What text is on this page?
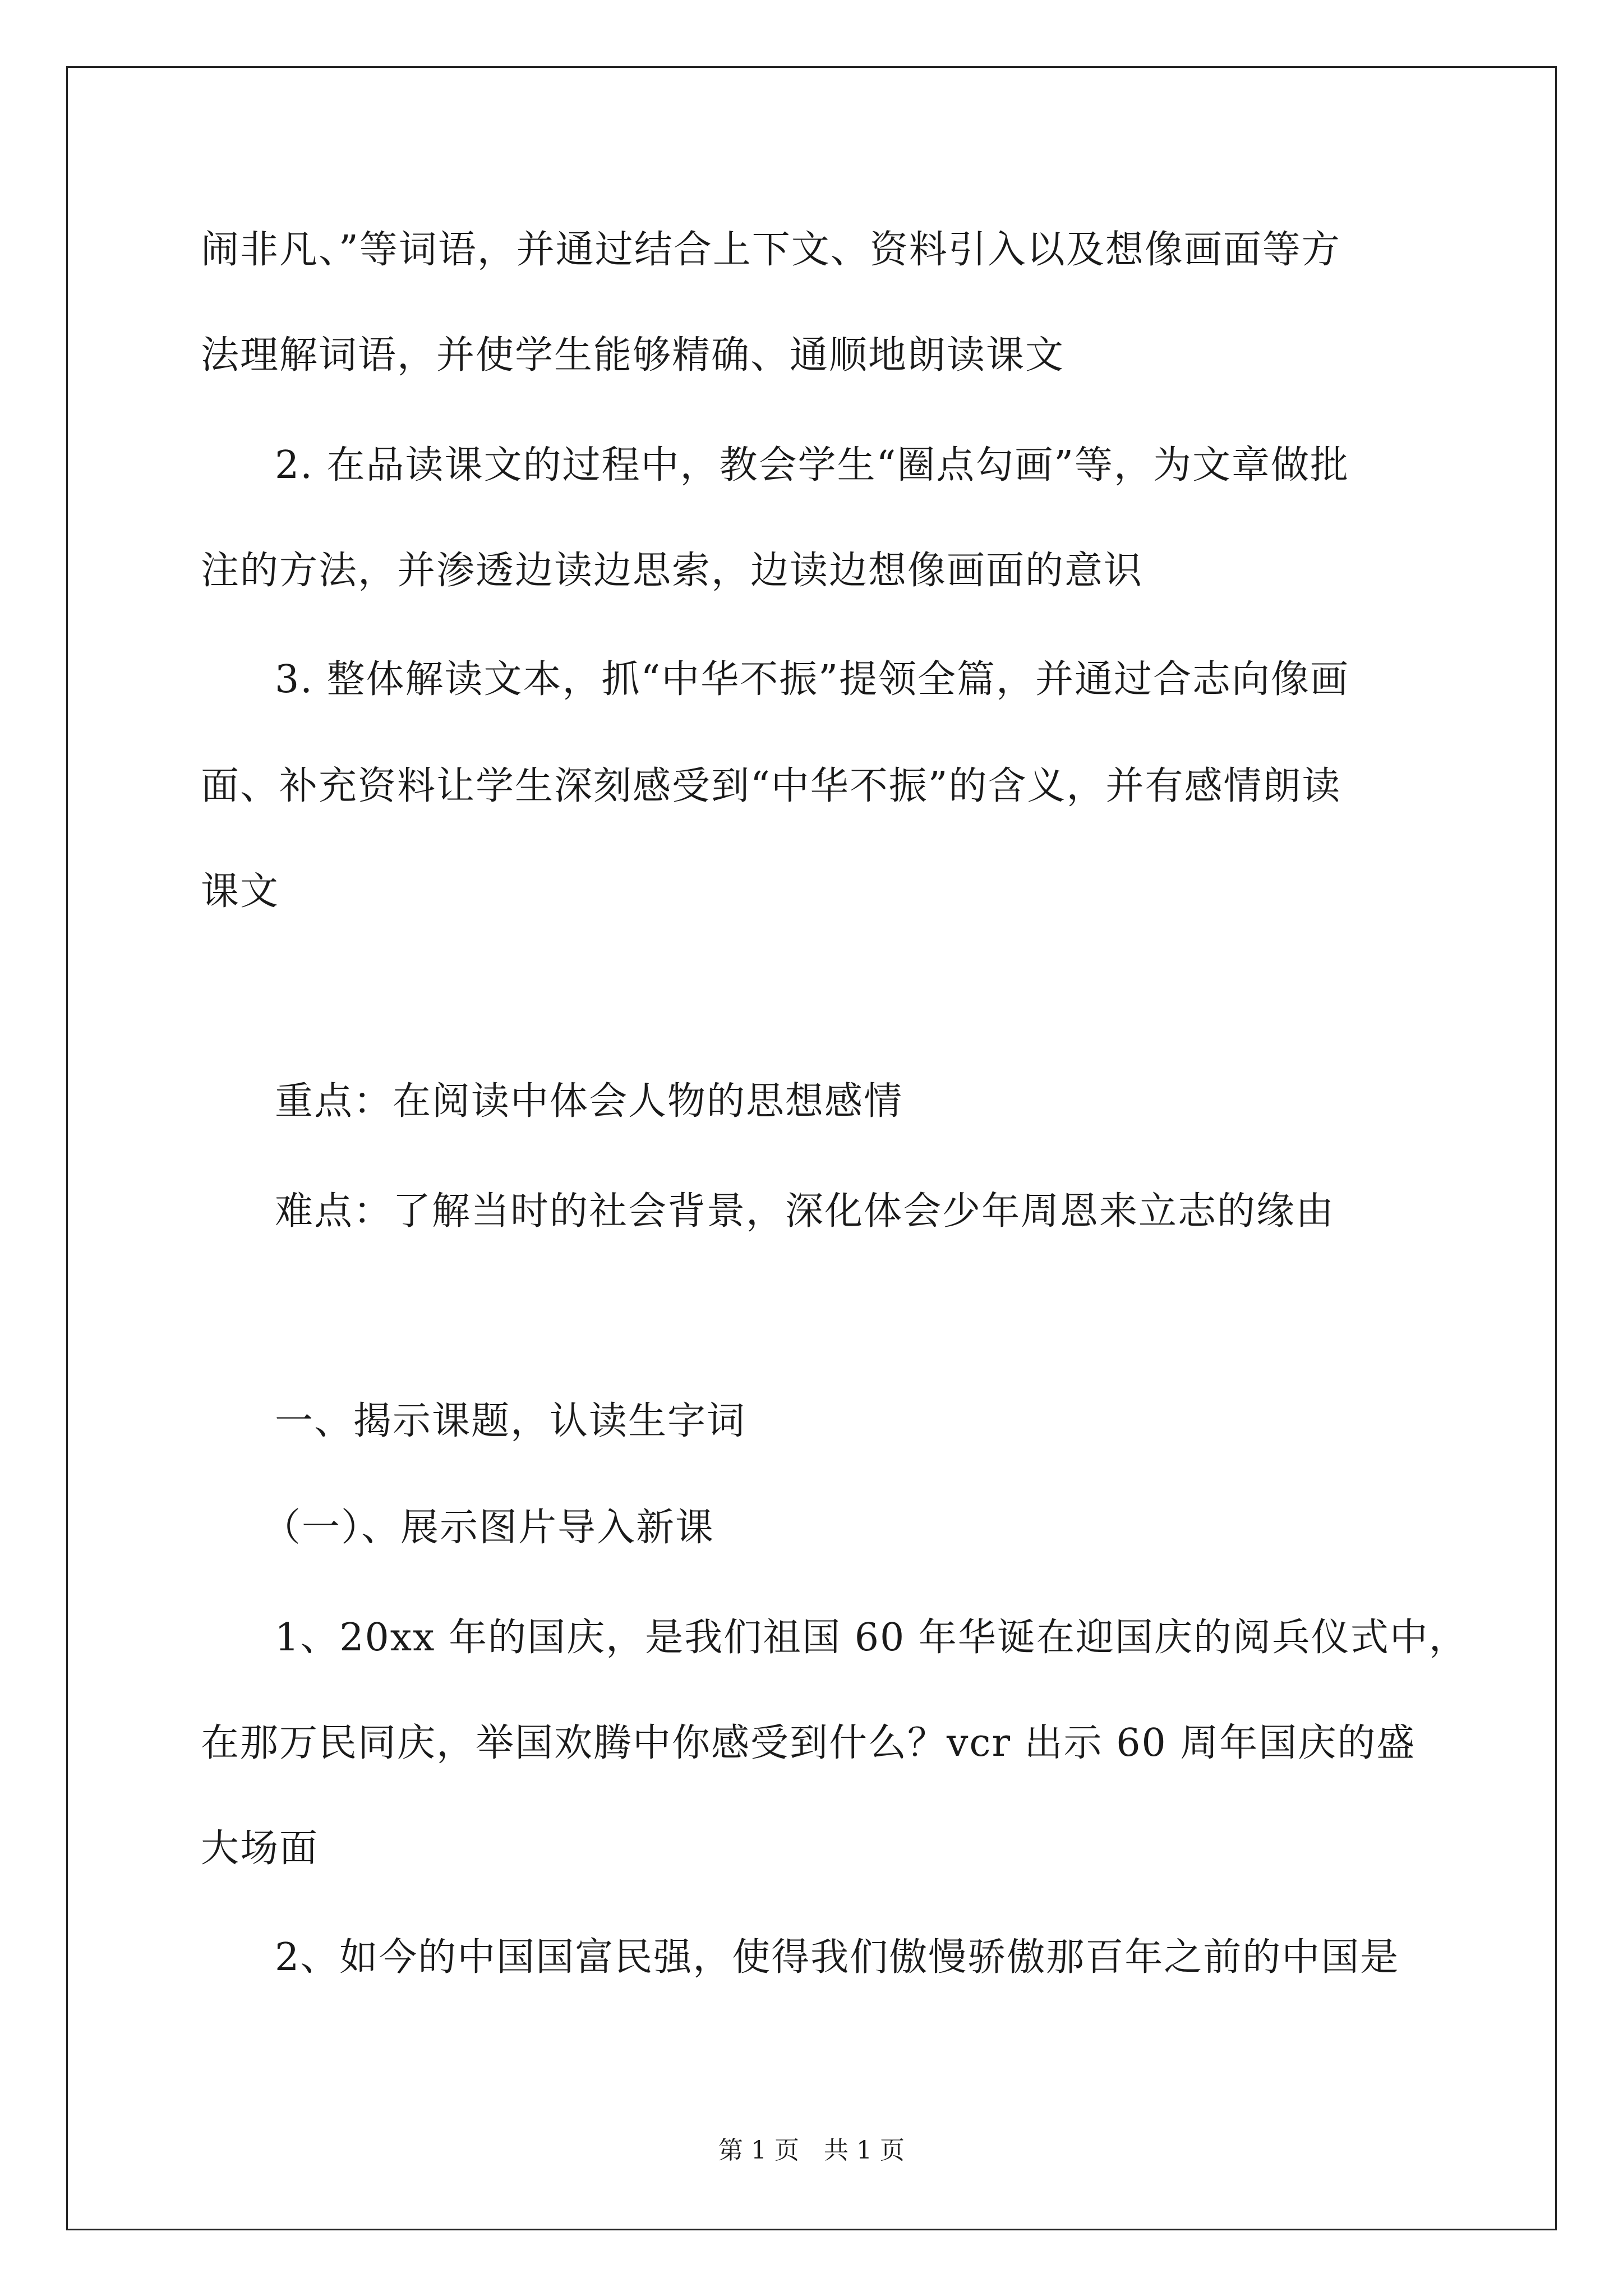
闹非凡、”等词语，并通过结合上下文、资料引入以及想像画面等方
法理解词语，并使学生能够精确、通顺地朗读课文
2. 在品读课文的过程中，教会学生“圈点勾画”等，为文章做批
注的方法，并渗透边读边思索，边读边想像画面的意识
3. 整体解读文本，抓“中华不振”提领全篇，并通过合志向像画
面、补充资料让学生深刻感受到“中华不振”的含义，并有感情朗读
课文
重点：在阅读中体会人物的思想感情
难点：了解当时的社会背景，深化体会少年周恩来立志的缘由
一、揭示课题，认读生字词
（一）、展示图片导入新课
1、20xx 年的国庆，是我们祖国 60 年华诞在迎国庆的阅兵仪式中，
在那万民同庆，举国欢腾中你感受到什么？vcr 出示 60 周年国庆的盛
大场面
2、如今的中国国富民强，使得我们傲慢骄傲那百年之前的中国是
第 1 页　共 1 页
